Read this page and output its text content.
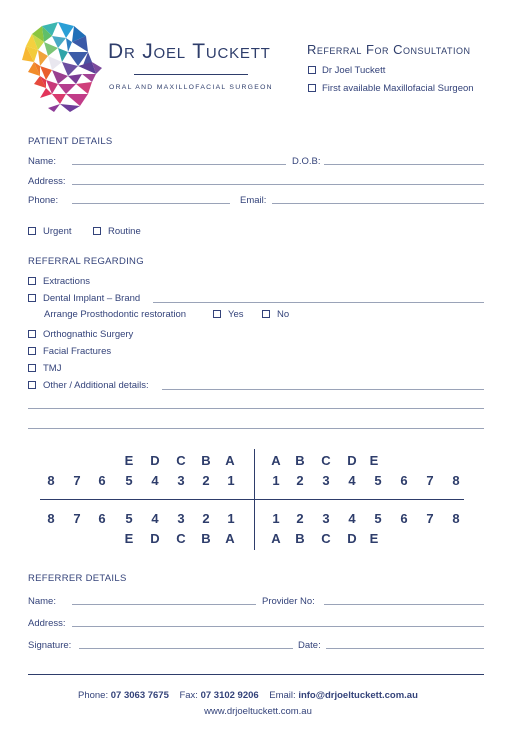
Dr Joel Tuckett
ORAL AND MAXILLOFACIAL SURGEON
Referral For Consultation
Dr Joel Tuckett
First available Maxillofacial Surgeon
PATIENT DETAILS
Name:	D.O.B:
Address:
Phone:	Email:
Urgent	Routine
REFERRAL REGARDING
Extractions
Dental Implant – Brand
Arrange Prosthodontic restoration	Yes	No
Orthognathic Surgery
Facial Fractures
TMJ
Other / Additional details:
E D C B A	A B C D E
8 7 6 5 4 3 2 1	1 2 3 4 5 6 7 8
8 7 6 5 4 3 2 1	1 2 3 4 5 6 7 8
E D C B A	A B C D E
REFERRER DETAILS
Name:	Provider No:
Address:
Signature:	Date:
Phone: 07 3063 7675 Fax: 07 3102 9206 Email: info@drjoeltuckett.com.au
www.drjoeltuckett.com.au
